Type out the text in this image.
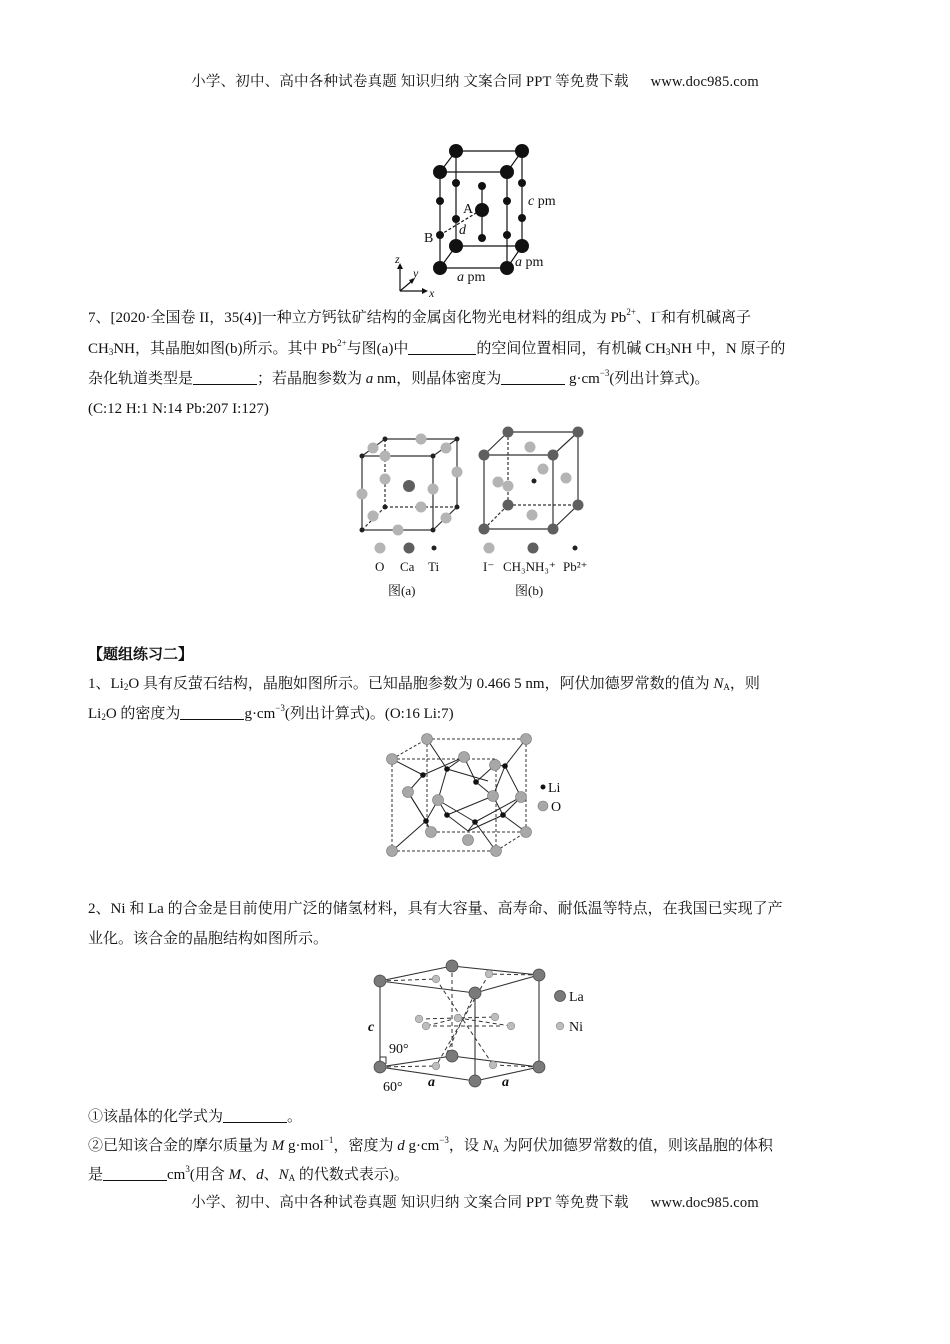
小学、初中、高中各种试卷真题 知识归纳 文案合同 PPT 等免费下载 www.doc985.com
A
B
d
c pm
a pm
a pm
z
y
x
7、[2020·全国卷 II，35(4)]一种立方钙钛矿结构的金属卤化物光电材料的组成为 $Pb^{2+}$、I−和有机碱离子
$CH_3NH$，其晶胞如图(b)所示。其中 $Pb^{2+}$与图(a)中	的空间位置相同，有机碱 $CH_3NH$ 中，N 原子的
杂化轨道类型是	；若晶胞参数为 a nm，则晶体密度为	$g\cdot cm^{-3}$(列出计算式)。
(C:12 H:1 N:14 Pb:207 I:127)
O Ca Ti
图(a)
I⁻ CH₃NH₃⁺ Pb²⁺
图(b)
【题组练习二】
1、$Li_2O$ 具有反萤石结构，晶胞如图所示。已知晶胞参数为 0.466 5 nm，阿伏加德罗常数的值为 $N_A$，则
$Li_2O$ 的密度为	$g\cdot cm^{-3}$(列出计算式)。(O:16 Li:7)
Li
O
2、Ni 和 La 的合金是目前使用广泛的储氢材料，具有大容量、高寿命、耐低温等特点，在我国已实现了产
业化。该合金的晶胞结构如图所示。
c
90°
60° a	a
La
Ni
①该晶体的化学式为	。
②已知该合金的摩尔质量为 M g·mol$^{-1}$，密度为 d $g\cdot cm^{-3}$，设 $N_A$ 为阿伏加德罗常数的值，则该晶胞的体积
是	$cm^3$(用含 M、d、$N_A$ 的代数式表示)。
小学、初中、高中各种试卷真题 知识归纳 文案合同 PPT 等免费下载 www.doc985.com
